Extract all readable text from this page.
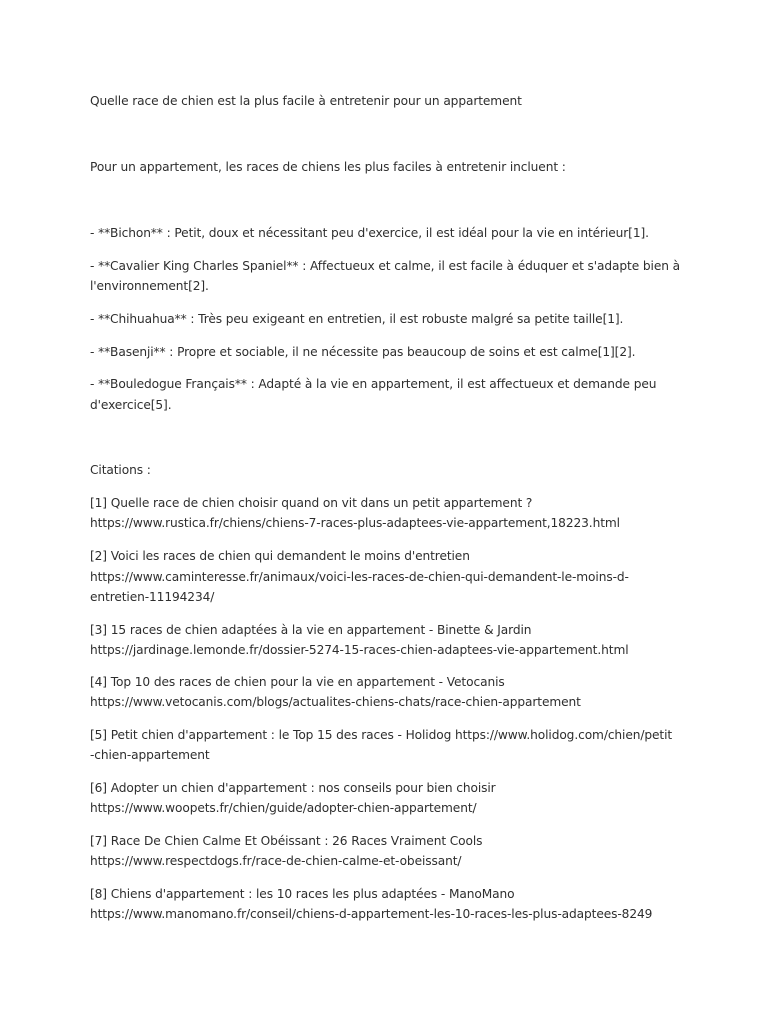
Quelle race de chien est la plus facile à entretenir pour un appartement
Pour un appartement, les races de chiens les plus faciles à entretenir incluent :
- **Bichon** : Petit, doux et nécessitant peu d'exercice, il est idéal pour la vie en intérieur[1].
- **Cavalier King Charles Spaniel** : Affectueux et calme, il est facile à éduquer et s'adapte bien à
l'environnement[2].
- **Chihuahua** : Très peu exigeant en entretien, il est robuste malgré sa petite taille[1].
- **Basenji** : Propre et sociable, il ne nécessite pas beaucoup de soins et est calme[1][2].
- **Bouledogue Français** : Adapté à la vie en appartement, il est affectueux et demande peu
d'exercice[5].
Citations :
[1] Quelle race de chien choisir quand on vit dans un petit appartement ?
https://www.rustica.fr/chiens/chiens-7-races-plus-adaptees-vie-appartement,18223.html
[2] Voici les races de chien qui demandent le moins d'entretien
https://www.caminteresse.fr/animaux/voici-les-races-de-chien-qui-demandent-le-moins-d-
entretien-11194234/
[3] 15 races de chien adaptées à la vie en appartement - Binette & Jardin
https://jardinage.lemonde.fr/dossier-5274-15-races-chien-adaptees-vie-appartement.html
[4] Top 10 des races de chien pour la vie en appartement - Vetocanis
https://www.vetocanis.com/blogs/actualites-chiens-chats/race-chien-appartement
[5] Petit chien d'appartement : le Top 15 des races - Holidog https://www.holidog.com/chien/petit
-chien-appartement
[6] Adopter un chien d'appartement : nos conseils pour bien choisir
https://www.woopets.fr/chien/guide/adopter-chien-appartement/
[7] Race De Chien Calme Et Obéissant : 26 Races Vraiment Cools
https://www.respectdogs.fr/race-de-chien-calme-et-obeissant/
[8] Chiens d'appartement : les 10 races les plus adaptées - ManoMano
https://www.manomano.fr/conseil/chiens-d-appartement-les-10-races-les-plus-adaptees-8249
